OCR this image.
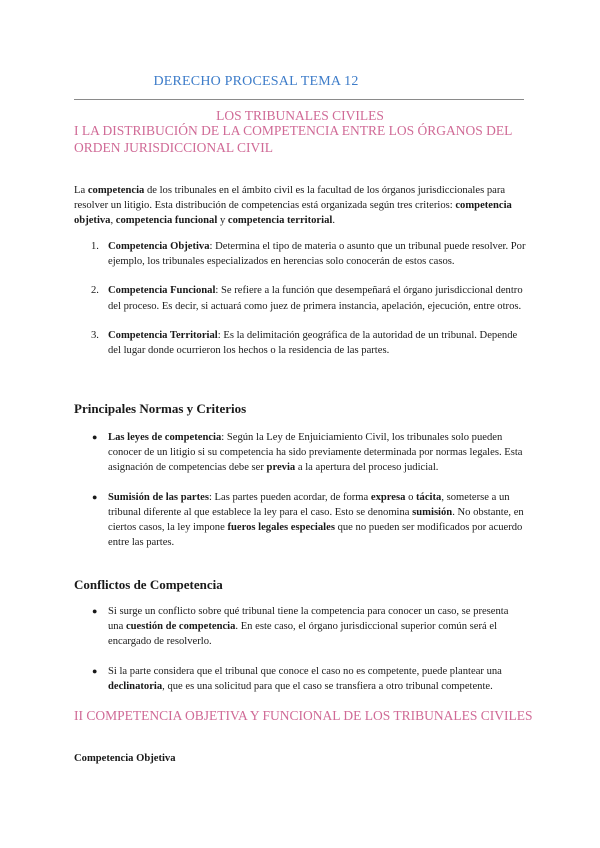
DERECHO PROCESAL TEMA 12
LOS TRIBUNALES CIVILES
I LA DISTRIBUCIÓN DE LA COMPETENCIA ENTRE LOS ÓRGANOS DEL ORDEN JURISDICCIONAL CIVIL
La competencia de los tribunales en el ámbito civil es la facultad de los órganos jurisdiccionales para resolver un litigio. Esta distribución de competencias está organizada según tres criterios: competencia objetiva, competencia funcional y competencia territorial.
1. Competencia Objetiva: Determina el tipo de materia o asunto que un tribunal puede resolver. Por ejemplo, los tribunales especializados en herencias solo conocerán de estos casos.
2. Competencia Funcional: Se refiere a la función que desempeñará el órgano jurisdiccional dentro del proceso. Es decir, si actuará como juez de primera instancia, apelación, ejecución, entre otros.
3. Competencia Territorial: Es la delimitación geográfica de la autoridad de un tribunal. Depende del lugar donde ocurrieron los hechos o la residencia de las partes.
Principales Normas y Criterios
● Las leyes de competencia: Según la Ley de Enjuiciamiento Civil, los tribunales solo pueden conocer de un litigio si su competencia ha sido previamente determinada por normas legales. Esta asignación de competencias debe ser previa a la apertura del proceso judicial.
● Sumisión de las partes: Las partes pueden acordar, de forma expresa o tácita, someterse a un tribunal diferente al que establece la ley para el caso. Esto se denomina sumisión. No obstante, en ciertos casos, la ley impone fueros legales especiales que no pueden ser modificados por acuerdo entre las partes.
Conflictos de Competencia
● Si surge un conflicto sobre qué tribunal tiene la competencia para conocer un caso, se presenta una cuestión de competencia. En este caso, el órgano jurisdiccional superior común será el encargado de resolverlo.
● Si la parte considera que el tribunal que conoce el caso no es competente, puede plantear una declinatoria, que es una solicitud para que el caso se transfiera a otro tribunal competente.
II COMPETENCIA OBJETIVA Y FUNCIONAL DE LOS TRIBUNALES CIVILES
Competencia Objetiva
